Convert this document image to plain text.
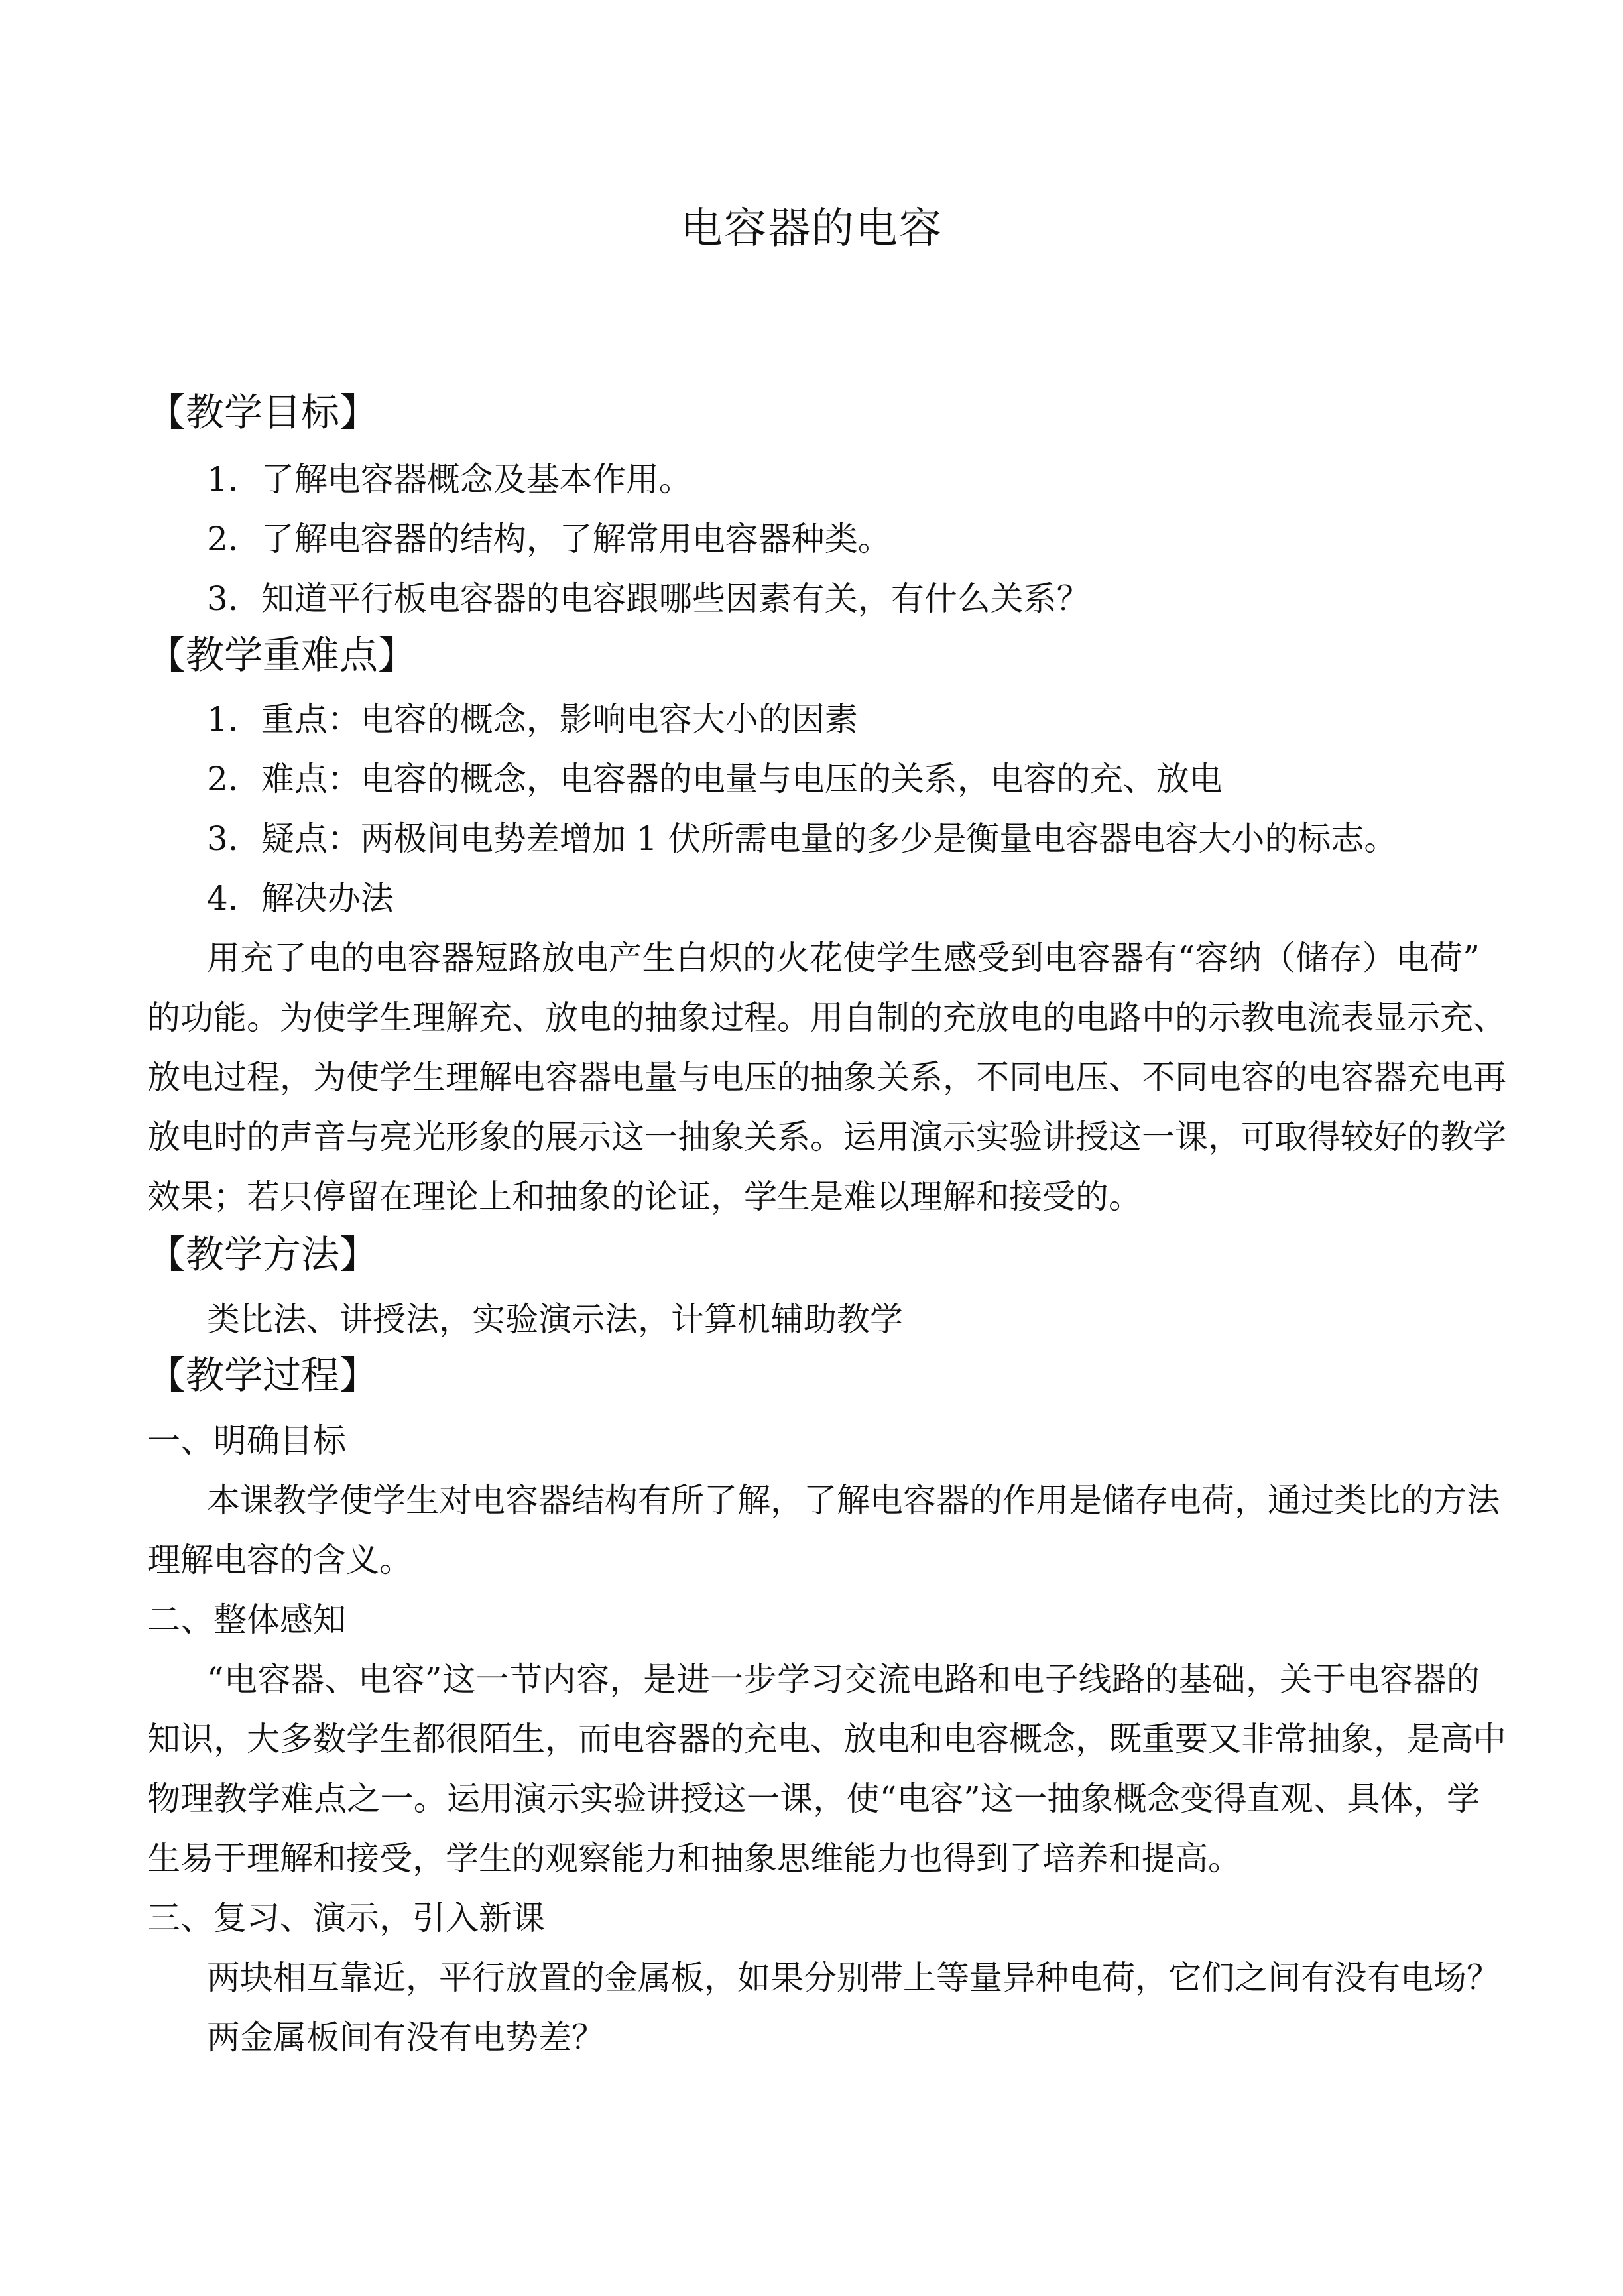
电容器的电容
【教学目标】
1．了解电容器概念及基本作用。
2．了解电容器的结构，了解常用电容器种类。
3．知道平行板电容器的电容跟哪些因素有关，有什么关系？
【教学重难点】
1．重点：电容的概念，影响电容大小的因素
2．难点：电容的概念，电容器的电量与电压的关系，电容的充、放电
3．疑点：两极间电势差增加 1 伏所需电量的多少是衡量电容器电容大小的标志。
4．解决办法
用充了电的电容器短路放电产生白炽的火花使学生感受到电容器有“容纳（储存）电荷”
的功能。为使学生理解充、放电的抽象过程。用自制的充放电的电路中的示教电流表显示充、
放电过程，为使学生理解电容器电量与电压的抽象关系，不同电压、不同电容的电容器充电再
放电时的声音与亮光形象的展示这一抽象关系。运用演示实验讲授这一课，可取得较好的教学
效果；若只停留在理论上和抽象的论证，学生是难以理解和接受的。
【教学方法】
类比法、讲授法，实验演示法，计算机辅助教学
【教学过程】
一、明确目标
本课教学使学生对电容器结构有所了解，了解电容器的作用是储存电荷，通过类比的方法
理解电容的含义。
二、整体感知
“电容器、电容”这一节内容，是进一步学习交流电路和电子线路的基础，关于电容器的
知识，大多数学生都很陌生，而电容器的充电、放电和电容概念，既重要又非常抽象，是高中
物理教学难点之一。运用演示实验讲授这一课，使“电容”这一抽象概念变得直观、具体，学
生易于理解和接受，学生的观察能力和抽象思维能力也得到了培养和提高。
三、复习、演示，引入新课
两块相互靠近，平行放置的金属板，如果分别带上等量异种电荷，它们之间有没有电场？
两金属板间有没有电势差？
